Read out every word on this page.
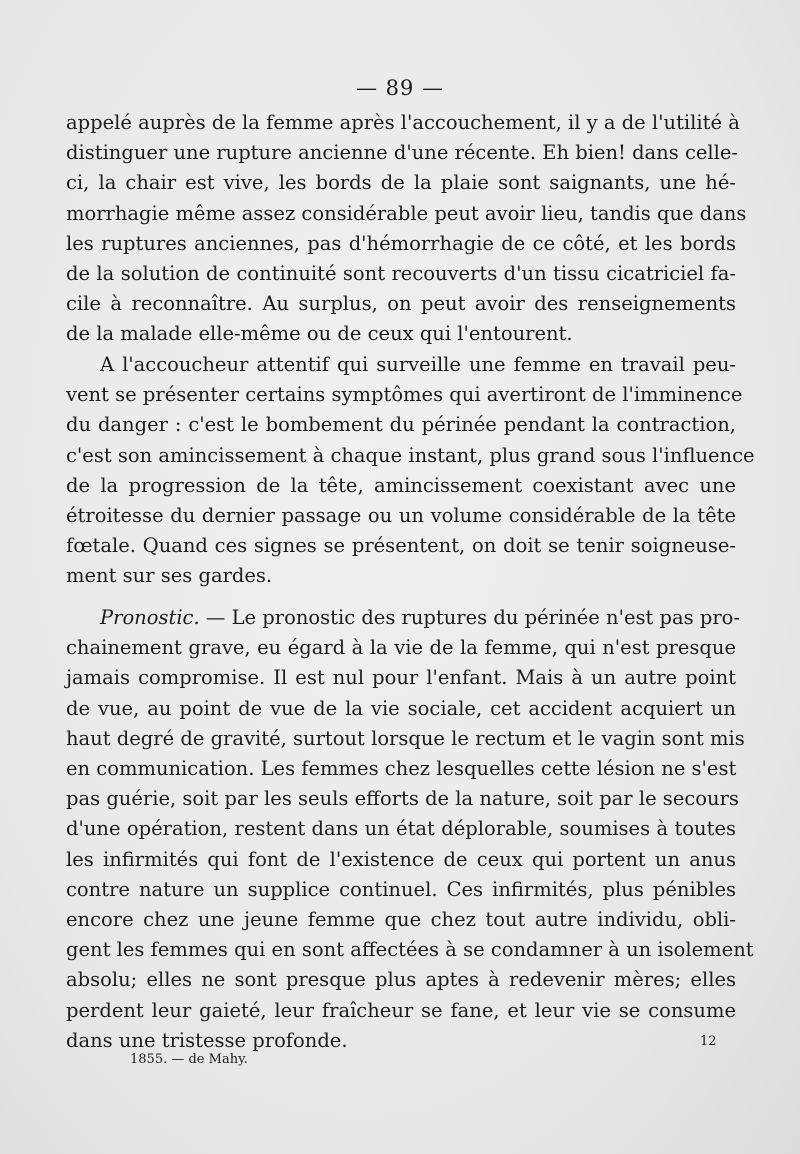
— 89 —
appelé auprès de la femme après l'accouchement, il y a de l'utilité à
distinguer une rupture ancienne d'une récente. Eh bien! dans celle-
ci, la chair est vive, les bords de la plaie sont saignants, une hé-
morrhagie même assez considérable peut avoir lieu, tandis que dans
les ruptures anciennes, pas d'hémorrhagie de ce côté, et les bords
de la solution de continuité sont recouverts d'un tissu cicatriciel fa-
cile à reconnaître. Au surplus, on peut avoir des renseignements
de la malade elle-même ou de ceux qui l'entourent.
A l'accoucheur attentif qui surveille une femme en travail peu-
vent se présenter certains symptômes qui avertiront de l'imminence
du danger : c'est le bombement du périnée pendant la contraction,
c'est son amincissement à chaque instant, plus grand sous l'influence
de la progression de la tête, amincissement coexistant avec une
étroitesse du dernier passage ou un volume considérable de la tête
fœtale. Quand ces signes se présentent, on doit se tenir soigneuse-
ment sur ses gardes.
Pronostic. — Le pronostic des ruptures du périnée n'est pas pro-
chainement grave, eu égard à la vie de la femme, qui n'est presque
jamais compromise. Il est nul pour l'enfant. Mais à un autre point
de vue, au point de vue de la vie sociale, cet accident acquiert un
haut degré de gravité, surtout lorsque le rectum et le vagin sont mis
en communication. Les femmes chez lesquelles cette lésion ne s'est
pas guérie, soit par les seuls efforts de la nature, soit par le secours
d'une opération, restent dans un état déplorable, soumises à toutes
les infirmités qui font de l'existence de ceux qui portent un anus
contre nature un supplice continuel. Ces infirmités, plus pénibles
encore chez une jeune femme que chez tout autre individu, obli-
gent les femmes qui en sont affectées à se condamner à un isolement
absolu; elles ne sont presque plus aptes à redevenir mères; elles
perdent leur gaieté, leur fraîcheur se fane, et leur vie se consume
dans une tristesse profonde.
1855. — de Mahy.
12
